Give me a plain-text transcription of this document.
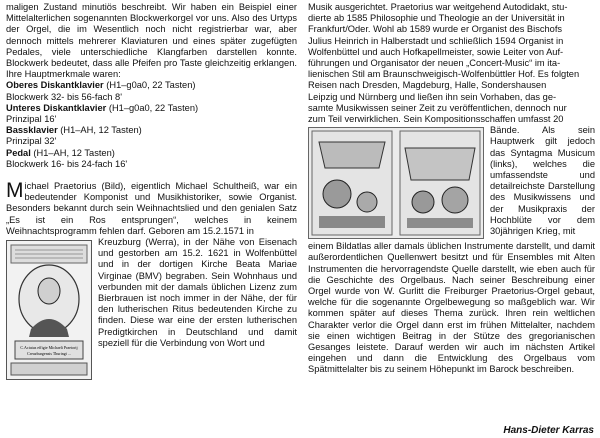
maligen Zustand minutiös beschreibt. Wir haben ein Beispiel einer Mittelalterlichen sogenannten Blockwerkorgel vor uns. Also des Urtyps der Orgel, die im Wesentlich noch nicht registrierbar war, aber dennoch mittels mehrerer Klaviaturen und eines später zugefügten Pedales, viele unterschiedliche Klangfarben darstellen konnte. Blockwerk bedeutet, dass alle Pfeifen pro Taste gleichzeitig erklangen. Ihre Hauptmerkmale waren:

Oberes Diskantklavier (H1–g0a0, 22 Tasten)
Blockwerk 32- bis 56-fach 8'
Unteres Diskantklavier (H1–g0a0, 22 Tasten)
Prinzipal 16'
Bassklavier (H1–AH, 12 Tasten)
Prinzipal 32'
Pedal (H1–AH, 12 Tasten)
Blockwerk 16- bis 24-fach 16'

Michael Praetorius (Bild), eigentlich Michael Schultheiß, war ein bedeutender Komponist und Musikhistoriker, sowie Organist. Besonders bekannt durch sein Weihnachtslied und den genialen Satz „Es ist ein Ros entsprungen“, welches in keinem Weihnachtsprogramm fehlen darf. Geboren am 15.2.1571 in

C.Actatus effigie Michaeli Praetorij
Creuzburgensis Thuringi ...

Kreuzburg (Werra), in der Nähe von Eisenach und gestorben am 15.2. 1621 in Wolfenbüttel und in der dortigen Kirche Beata Mariae Virginae (BMV) begraben. Sein Wohnhaus und verbunden mit der damals üblichen Lizenz zum Bierbrauen ist noch immer in der Nähe, der für den lutherischen Ritus bedeutenden Kirche zu finden. Diese war eine der ersten lutherischen Predigtkirchen in Deutschland und damit speziell für die Verbindung von Wort und

Musik ausgerichtet. Praetorius war weitgehend Autodidakt, stu-
dierte ab 1585 Philosophie und Theologie an der Universität in
Frankfurt/Oder. Wohl ab 1589 wurde er Organist des Bischofs
Julius Heinrich in Halberstadt und schließlich 1594 Organist in
Wolfenbüttel und auch Hofkapellmeister, sowie Leiter von Auf-
führungen und Organisator der neuen „Concert-Music“ im ita-
lienischen Stil am Braunschweigisch-Wolfenbüttler Hof. Es folgten
Reisen nach Dresden, Magdeburg, Halle, Sondershausen
Leipzig und Nürnberg und ließen ihn sein Vorhaben, das ge-
samte Musikwissen seiner Zeit zu veröffentlichen, dennoch nur
zum Teil verwirklichen. Sein Kompositionsschaffen umfasst 20

Bände. Als sein Hauptwerk gilt jedoch das Syntagma Musicum (links), welches die umfassendste und detailreichste Darstellung des Musikwissens und der Musikpraxis der Hochblüte vor dem 30jährigen Krieg, mit

einem Bildatlas aller damals üblichen Instrumente darstellt, und damit außerordentlichen Quellenwert besitzt und für Ensembles mit Alten Instrumenten die hervorragendste Quelle darstellt, wie eben auch für die Geschichte des Orgelbaus. Nach seiner Beschreibung einer Orgel wurde von W. Gurlitt die Freiburger Praetorius-Orgel gebaut, welche für die sogenannte Orgelbewegung so maßgeblich war. Wir kommen später auf dieses Thema zurück. Ihren rein weltlichen Charakter verlor die Orgel dann erst im frühen Mittelalter, nachdem sie einen wichtigen Beitrag in der Stütze des gregorianischen Gesanges leistete. Darauf werden wir auch im nächsten Artikel eingehen und dann die Entwicklung des Orgelbaus vom Spätmittelalter bis zu seinem Höhepunkt im Barock beschreiben.

Hans-Dieter Karras
